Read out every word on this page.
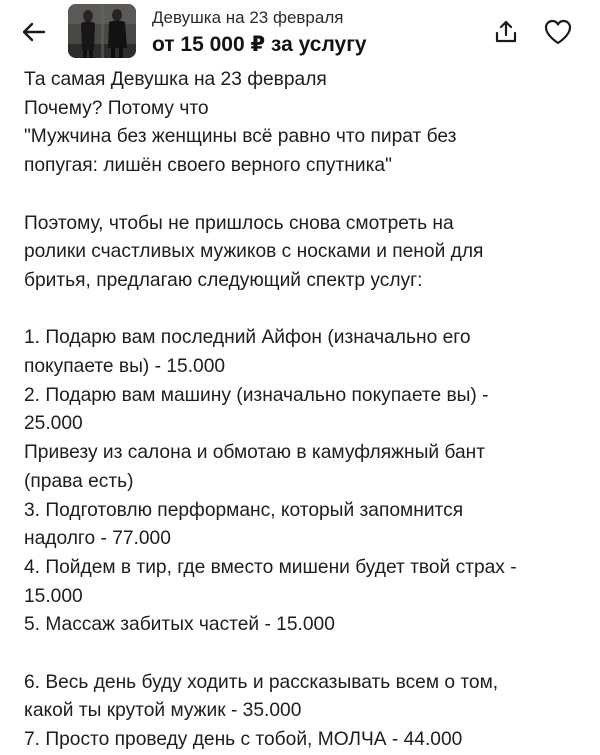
Девушка на 23 февраля
от 15 000 ₽ за услугу
Та самая Девушка на 23 февраля
Почему? Потому что
"Мужчина без женщины всё равно что пират без
попугая: лишён своего верного спутника"
Поэтому, чтобы не пришлось снова смотреть на
ролики счастливых мужиков с носками и пеной для
бритья, предлагаю следующий спектр услуг:
1. Подарю вам последний Айфон (изначально его
покупаете вы) - 15.000
2. Подарю вам машину (изначально покупаете вы) -
25.000
Привезу из салона и обмотаю в камуфляжный бант
(права есть)
3. Подготовлю перформанс, который запомнится
надолго - 77.000
4. Пойдем в тир, где вместо мишени будет твой страх -
15.000
5. Массаж забитых частей - 15.000
6. Весь день буду ходить и рассказывать всем о том,
какой ты крутой мужик - 35.000
7. Просто проведу день с тобой, МОЛЧА - 44.000
